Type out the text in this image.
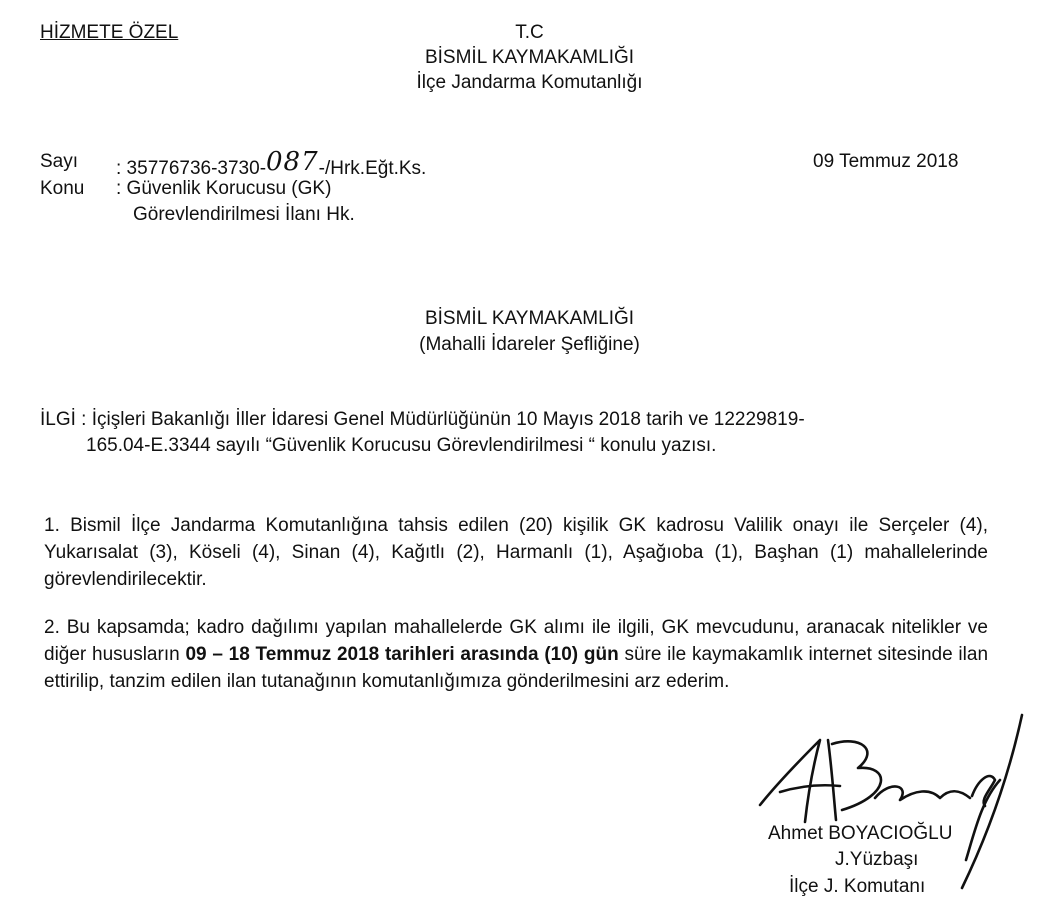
HİZMETE ÖZEL	T.C
BİSMİL KAYMAKAMLIĞI
İlçe Jandarma Komutanlığı
Sayı : 35776736-3730-087-/Hrk.Eğt.Ks.	09 Temmuz 2018
Konu : Güvenlik Korucusu (GK)
Görevlendirilmesi İlanı Hk.
BİSMİL KAYMAKAMLIĞI
(Mahalli İdareler Şefliğine)
İLGİ : İçişleri Bakanlığı İller İdaresi Genel Müdürlüğünün 10 Mayıs 2018 tarih ve 12229819-
165.04-E.3344 sayılı “Güvenlik Korucusu Görevlendirilmesi “ konulu yazısı.
1. Bismil İlçe Jandarma Komutanlığına tahsis edilen (20) kişilik GK kadrosu Valilik onayı ile Serçeler (4), Yukarısalat (3), Köseli (4), Sinan (4), Kağıtlı (2), Harmanlı (1), Aşağıoba (1), Başhan (1) mahallelerinde görevlendirilecektir.
2. Bu kapsamda; kadro dağılımı yapılan mahallelerde GK alımı ile ilgili, GK mevcudunu, aranacak nitelikler ve diğer hususların 09 – 18 Temmuz 2018 tarihleri arasında (10) gün süre ile kaymakamlık internet sitesinde ilan ettirilip, tanzim edilen ilan tutanağının komutanlığımıza gönderilmesini arz ederim.
Ahmet BOYACIOĞLU
J.Yüzbaşı
İlçe J. Komutanı
